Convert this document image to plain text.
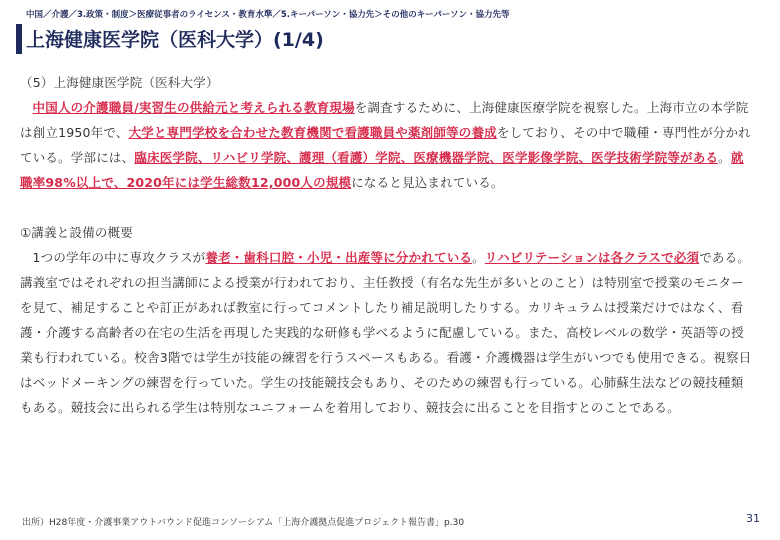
中国／介護／3.政策・制度＞医療従事者のライセンス・教育水準／5.キーパーソン・協力先＞その他のキーパーソン・協力先等
上海健康医学院（医科大学）(1/4)

（5）上海健康医学院（医科大学）

中国人の介護職員/実習生の供給元と考えられる教育現場を調査するために、上海健康医療学院を視察した。上海市立の本学院は創立1950年で、大学と専門学校を合わせた教育機関で看護職員や薬剤師等の養成をしており、その中で職種・専門性が分かれている。学部には、臨床医学院、リハビリ学院、護理（看護）学院、医療機器学院、医学影像学院、医学技術学院等がある。就職率98%以上で、2020年には学生総数12,000人の規模になると見込まれている。

①講義と設備の概要

1つの学年の中に専攻クラスが養老・歯科口腔・小児・出産等に分かれている。リハビリテーションは各クラスで必須である。講義室ではそれぞれの担当講師による授業が行われており、主任教授（有名な先生が多いとのこと）は特別室で授業のモニターを見て、補足することや訂正があれば教室に行ってコメントしたり補足説明したりする。カリキュラムは授業だけではなく、看護・介護する高齢者の在宅の生活を再現した実践的な研修も学べるように配慮している。また、高校レベルの数学・英語等の授業も行われている。校舎3階では学生が技能の練習を行うスペースもある。看護・介護機器は学生がいつでも使用できる。視察日はベッドメーキングの練習を行っていた。学生の技能競技会もあり、そのための練習も行っている。心肺蘇生法などの競技種類もある。競技会に出られる学生は特別なユニフォームを着用しており、競技会に出ることを目指すとのことである。

出所）H28年度・介護事業アウトバウンド促進コンソーシアム「上海介護拠点促進プロジェクト報告書」p.30	31
